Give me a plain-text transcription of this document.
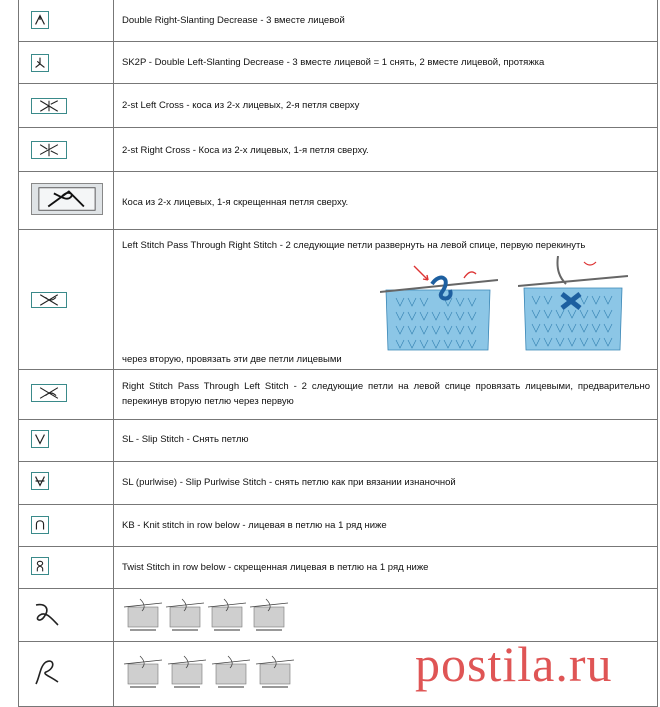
Double Right-Slanting Decrease - 3 вместе лицевой
SK2P - Double Left-Slanting Decrease - 3 вместе лицевой = 1 снять, 2 вместе лицевой, протяжка
2-st Left Cross - коса из 2-х лицевых, 2-я петля сверху
2-st Right Cross - Коса из 2-х лицевых, 1-я петля сверху.
Коса из 2-х лицевых, 1-я скрещенная петля сверху.
Left Stitch Pass Through Right Stitch - 2 следующие петли развернуть на левой спице, первую перекинуть
через вторую, провязать эти две петли лицевыми
Right Stitch Pass Through Left Stitch - 2 следующие петли на левой спице провязать лицевыми, предварительно перекинув вторую петлю через первую
SL - Slip Stitch - Снять петлю
SL (purlwise) - Slip Purlwise Stitch - снять петлю как при вязании изнаночной
KB - Knit stitch in row below - лицевая в петлю на 1 ряд ниже
Twist Stitch in row below - скрещенная лицевая в петлю на 1 ряд ниже
postila.ru
